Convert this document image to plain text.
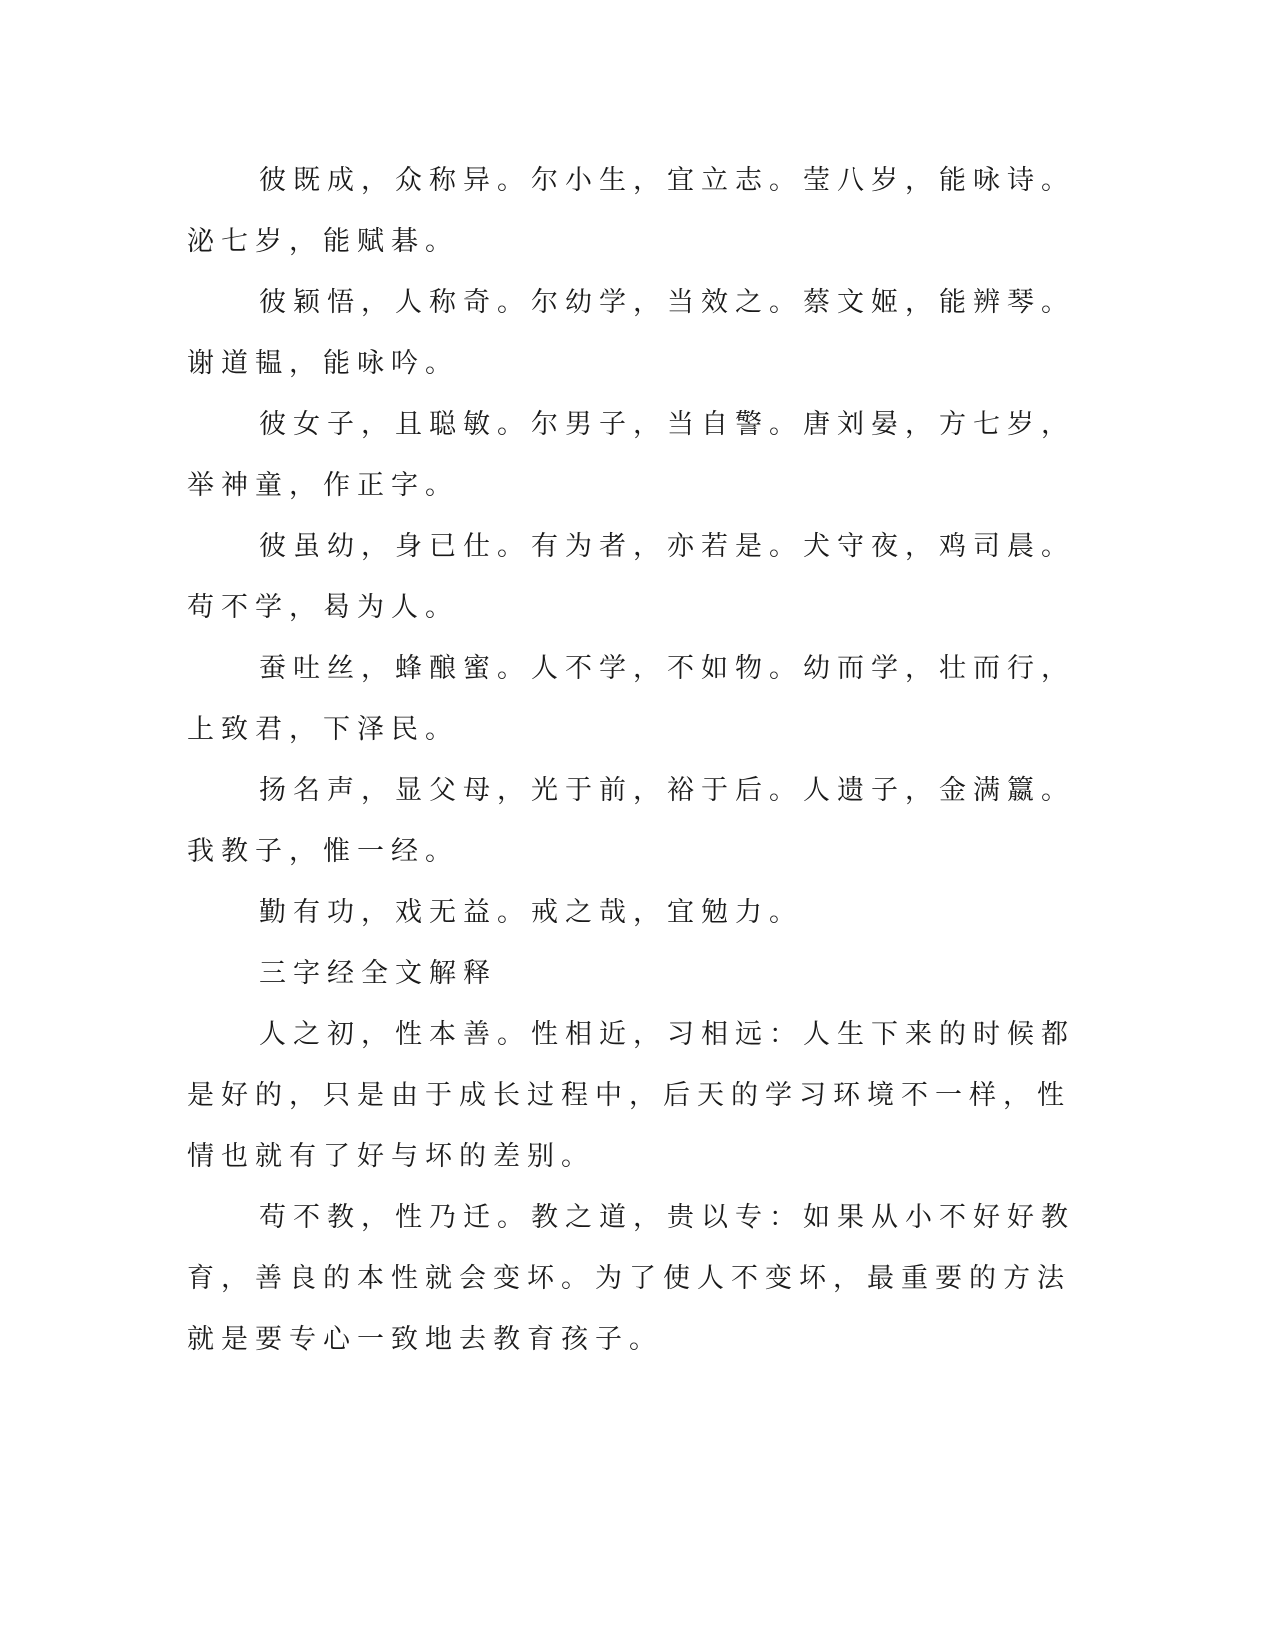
彼既成，众称异。尔小生，宜立志。莹八岁，能咏诗。泌七岁，能赋碁。

彼颖悟，人称奇。尔幼学，当效之。蔡文姬，能辨琴。谢道韫，能咏吟。

彼女子，且聪敏。尔男子，当自警。唐刘晏，方七岁，举神童，作正字。

彼虽幼，身已仕。有为者，亦若是。犬守夜，鸡司晨。苟不学，曷为人。

蚕吐丝，蜂酿蜜。人不学，不如物。幼而学，壮而行，上致君，下泽民。

扬名声，显父母，光于前，裕于后。人遗子，金满籝。我教子，惟一经。

勤有功，戏无益。戒之哉，宜勉力。

三字经全文解释

人之初，性本善。性相近，习相远：人生下来的时候都是好的，只是由于成长过程中，后天的学习环境不一样，性情也就有了好与坏的差别。

苟不教，性乃迁。教之道，贵以专：如果从小不好好教育，善良的本性就会变坏。为了使人不变坏，最重要的方法就是要专心一致地去教育孩子。
